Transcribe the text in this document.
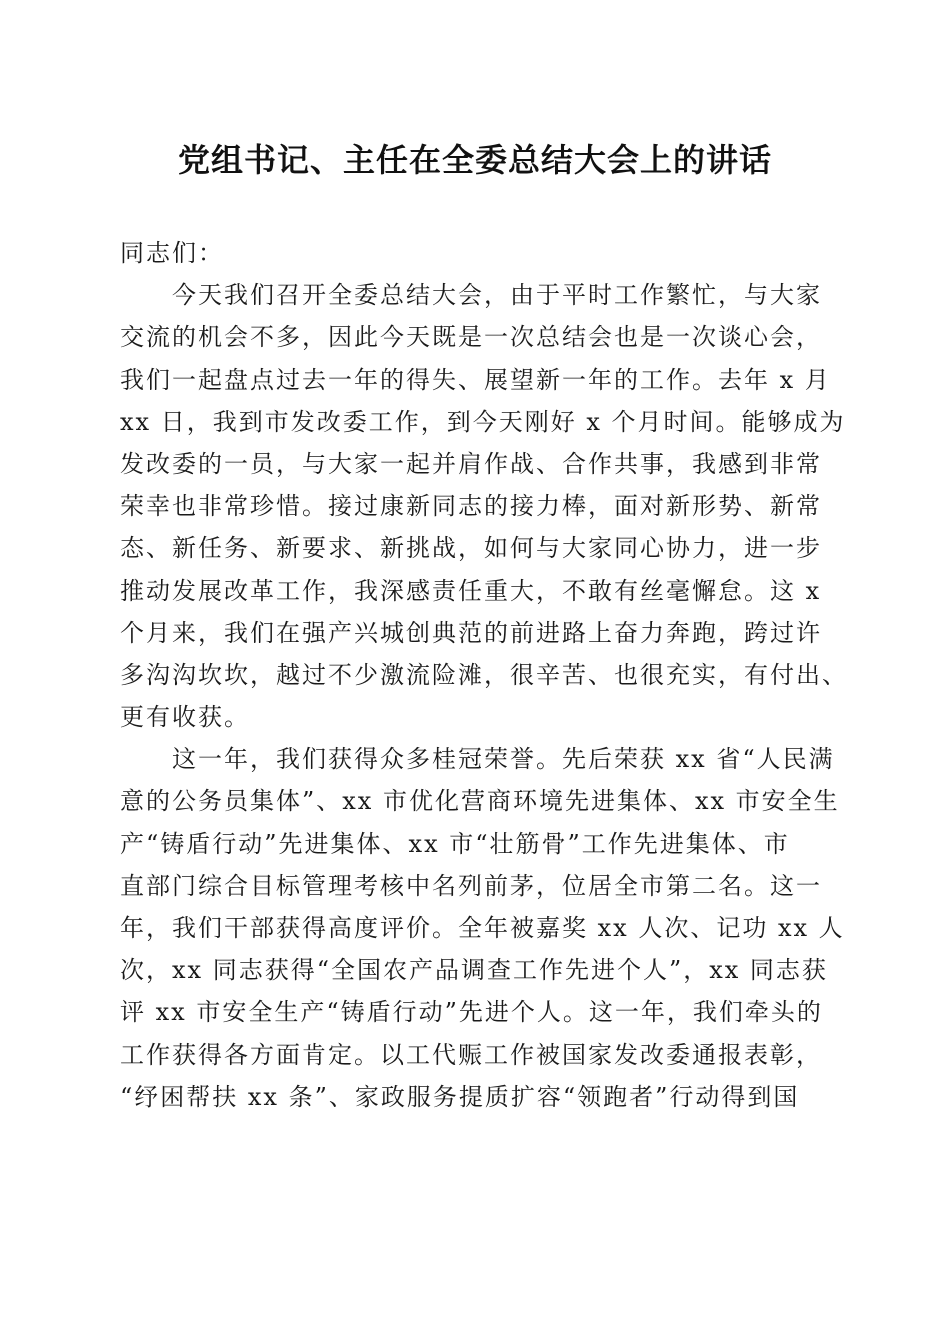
党组书记、主任在全委总结大会上的讲话
同志们：
今天我们召开全委总结大会，由于平时工作繁忙，与大家
交流的机会不多，因此今天既是一次总结会也是一次谈心会，
我们一起盘点过去一年的得失、展望新一年的工作。去年 x 月
xx 日，我到市发改委工作，到今天刚好 x 个月时间。能够成为
发改委的一员，与大家一起并肩作战、合作共事，我感到非常
荣幸也非常珍惜。接过康新同志的接力棒，面对新形势、新常
态、新任务、新要求、新挑战，如何与大家同心协力，进一步
推动发展改革工作，我深感责任重大，不敢有丝毫懈怠。这 x
个月来，我们在强产兴城创典范的前进路上奋力奔跑，跨过许
多沟沟坎坎，越过不少激流险滩，很辛苦、也很充实，有付出、
更有收获。
这一年，我们获得众多桂冠荣誉。先后荣获 xx 省“人民满
意的公务员集体”、xx 市优化营商环境先进集体、xx 市安全生
产“铸盾行动”先进集体、xx 市“壮筋骨”工作先进集体、市
直部门综合目标管理考核中名列前茅，位居全市第二名。这一
年，我们干部获得高度评价。全年被嘉奖 xx 人次、记功 xx 人
次，xx 同志获得“全国农产品调查工作先进个人”，xx 同志获
评 xx 市安全生产“铸盾行动”先进个人。这一年，我们牵头的
工作获得各方面肯定。以工代赈工作被国家发改委通报表彰，
“纾困帮扶 xx 条”、家政服务提质扩容“领跑者”行动得到国
